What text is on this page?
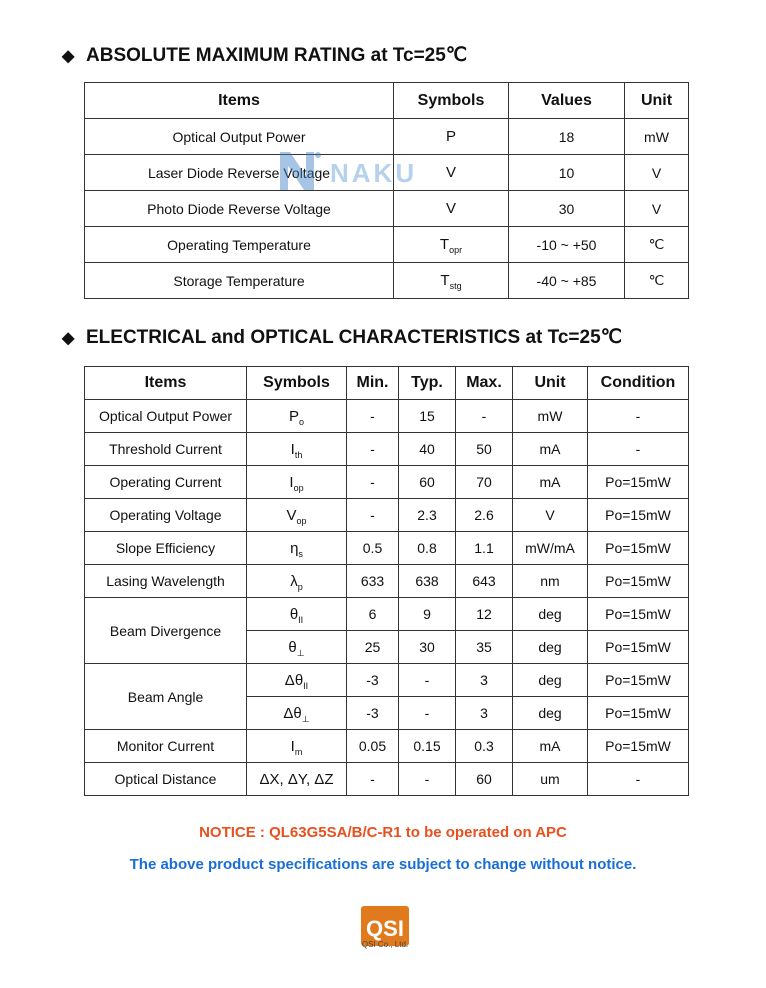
◆ ABSOLUTE MAXIMUM RATING at Tc=25℃
Items	Symbols	Values	Unit
Optical Output Power	P	18	mW
Laser Diode Reverse Voltage	V	10	V
Photo Diode Reverse Voltage	V	30	V
Operating Temperature	$T_{opr}$	-10 ~ +50	℃
Storage Temperature	$T_{stg}$	-40 ~ +85	℃
NAKU
◆ ELECTRICAL and OPTICAL CHARACTERISTICS at Tc=25℃
Items	Symbols	Min.	Typ.	Max.	Unit	Condition
Optical Output Power	$P_o$	-	15	-	mW	-
Threshold Current	$I_{th}$	-	40	50	mA	-
Operating Current	$I_{op}$	-	60	70	mA	Po=15mW
Operating Voltage	$V_{op}$	-	2.3	2.6	V	Po=15mW
Slope Efficiency	$\eta_s$	0.5	0.8	1.1	mW/mA	Po=15mW
Lasing Wavelength	$\lambda_p$	633	638	643	nm	Po=15mW
Beam Divergence	$\theta_{II}$	6	9	12	deg	Po=15mW
	$\theta_\perp$	25	30	35	deg	Po=15mW
Beam Angle	$\Delta\theta_{II}$	-3	-	3	deg	Po=15mW
	$\Delta\theta_\perp$	-3	-	3	deg	Po=15mW
Monitor Current	$I_m$	0.05	0.15	0.3	mA	Po=15mW
Optical Distance	ΔX, ΔY, ΔZ	-	-	60	um	-
NOTICE : QL63G5SA/B/C-R1 to be operated on APC
The above product specifications are subject to change without notice.
QSI
QSI Co., Ltd.
